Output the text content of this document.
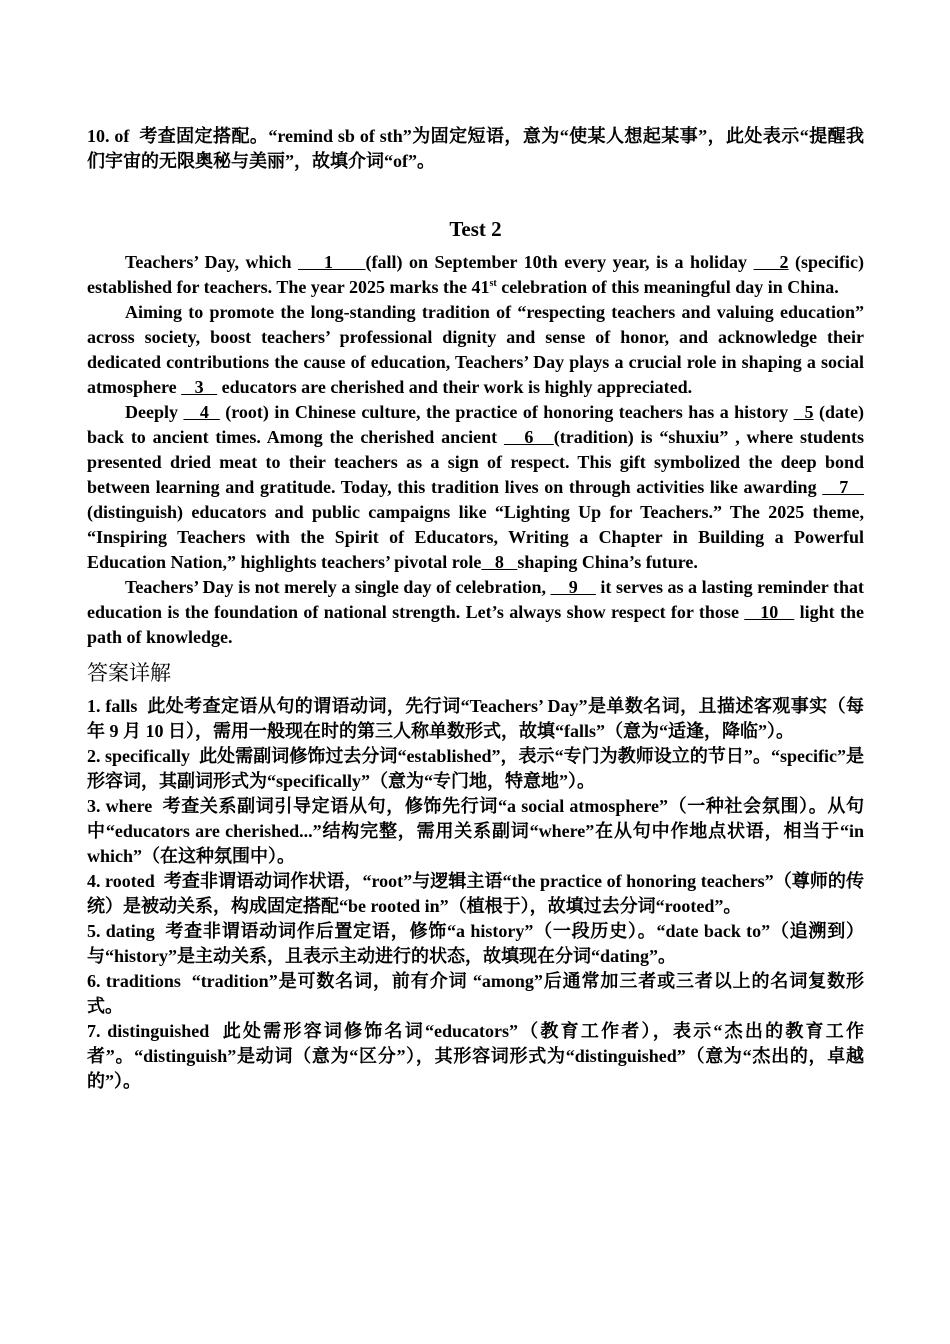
10. of 考查固定搭配。“remind sb of sth”为固定短语，意为“使某人想起某事”，此处表示“提醒我们宇宙的无限奥秘与美丽”，故填介词“of”。

Test 2

Teachers’ Day, which     1     (fall) on September 10th every year, is a holiday     2 (specific) established for teachers. The year 2025 marks the 41st celebration of this meaningful day in China.

Aiming to promote the long-standing tradition of “respecting teachers and valuing education” across society, boost teachers’ professional dignity and sense of honor, and acknowledge their dedicated contributions the cause of education, Teachers’ Day plays a crucial role in shaping a social atmosphere    3    educators are cherished and their work is highly appreciated.

Deeply    4   (root) in Chinese culture, the practice of honoring teachers has a history   5 (date) back to ancient times. Among the cherished ancient    6   (tradition) is “shuxiu” , where students presented dried meat to their teachers as a sign of respect. This gift symbolized the deep bond between learning and gratitude. Today, this tradition lives on through activities like awarding    7    (distinguish) educators and public campaigns like “Lighting Up for Teachers.” The 2025 theme, “Inspiring Teachers with the Spirit of Educators, Writing a Chapter in Building a Powerful Education Nation,” highlights teachers’ pivotal role   8   shaping China’s future.

Teachers’ Day is not merely a single day of celebration,     9     it serves as a lasting reminder that education is the foundation of national strength. Let’s always show respect for those    10    light the path of knowledge.

答案详解

1. falls 此处考查定语从句的谓语动词，先行词“Teachers’ Day”是单数名词，且描述客观事实（每年 9 月 10 日），需用一般现在时的第三人称单数形式，故填“falls”（意为“适逢，降临”）。

2. specifically 此处需副词修饰过去分词“established”，表示“专门为教师设立的节日”。“specific”是形容词，其副词形式为“specifically”（意为“专门地，特意地”）。

3. where 考查关系副词引导定语从句，修饰先行词“a social atmosphere”（一种社会氛围）。从句中“educators are cherished...”结构完整，需用关系副词“where”在从句中作地点状语，相当于“in which”（在这种氛围中）。

4. rooted 考查非谓语动词作状语，“root”与逻辑主语“the practice of honoring teachers”（尊师的传统）是被动关系，构成固定搭配“be rooted in”（植根于），故填过去分词“rooted”。

5. dating 考查非谓语动词作后置定语，修饰“a history”（一段历史）。“date back to”（追溯到）与“history”是主动关系，且表示主动进行的状态，故填现在分词“dating”。

6. traditions “tradition”是可数名词，前有介词 “among”后通常加三者或三者以上的名词复数形式。

7. distinguished 此处需形容词修饰名词“educators”（教育工作者），表示“杰出的教育工作者”。“distinguish”是动词（意为“区分”），其形容词形式为“distinguished”（意为“杰出的，卓越的”）。
